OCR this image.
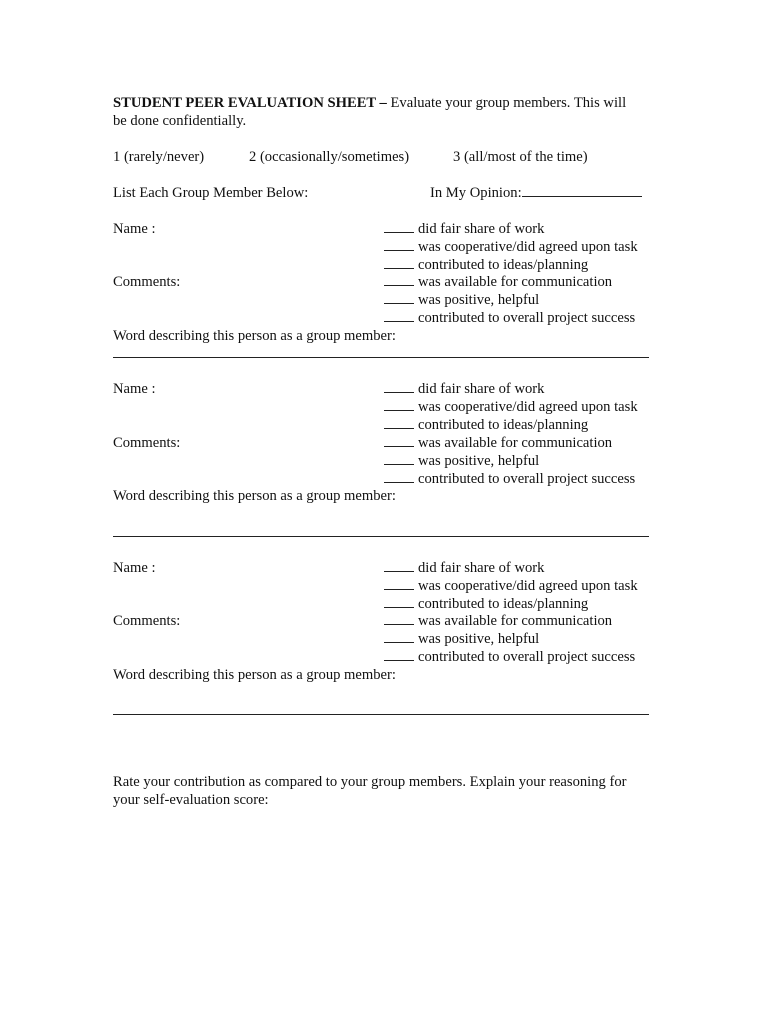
STUDENT PEER EVALUATION SHEET – Evaluate your group members. This will
be done confidentially.
1 (rarely/never)	2 (occasionally/sometimes)	3 (all/most of the time)
List Each Group Member Below:	In My Opinion:
Name :
Comments:
did fair share of work
was cooperative/did agreed upon task
contributed to ideas/planning
was available for communication
was positive, helpful
contributed to overall project success
Word describing this person as a group member:
Name :
Comments:
did fair share of work
was cooperative/did agreed upon task
contributed to ideas/planning
was available for communication
was positive, helpful
contributed to overall project success
Word describing this person as a group member:
Name :
Comments:
did fair share of work
was cooperative/did agreed upon task
contributed to ideas/planning
was available for communication
was positive, helpful
contributed to overall project success
Word describing this person as a group member:
Rate your contribution as compared to your group members. Explain your reasoning for
your self-evaluation score:
